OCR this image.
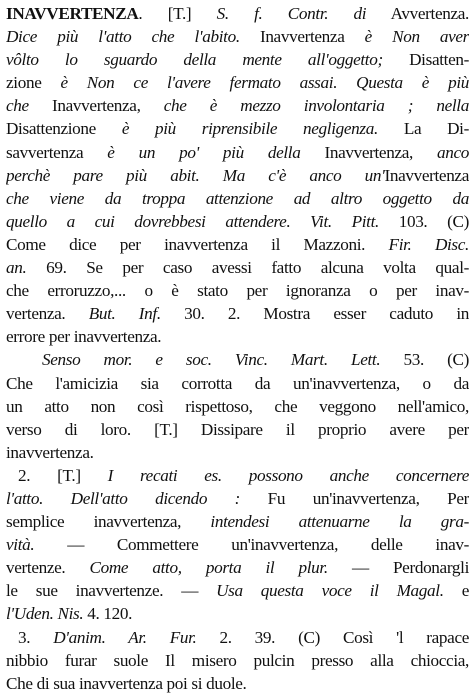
INAVVERTENZA. [T.] S. f. Contr. di Avvertenza.
Dice più l'atto che l'abito. Inavvertenza è Non aver
vôlto lo sguardo della mente all'oggetto; Disatten-
zione è Non ce l'avere fermato assai. Questa è più
che Inavvertenza, che è mezzo involontaria ; nella
Disattenzione è più riprensibile negligenza. La Di-
savvertenza è un po' più della Inavvertenza, anco
perchè pare più abit. Ma c'è anco un'Inavvertenza
che viene da troppa attenzione ad altro oggetto da
quello a cui dovrebbesi attendere. Vit. Pitt. 103. (C)
Come dice per inavvertenza il Mazzoni. Fir. Disc.
an. 69. Se per caso avessi fatto alcuna volta qual-
che erroruzzo,... o è stato per ignoranza o per inav-
vertenza. But. Inf. 30. 2. Mostra esser caduto in
errore per inavvertenza.
Senso mor. e soc. Vinc. Mart. Lett. 53. (C)
Che l'amicizia sia corrotta da un'inavvertenza, o da
un atto non così rispettoso, che veggono nell'amico,
verso di loro. [T.] Dissipare il proprio avere per
inavvertenza.
2. [T.] I recati es. possono anche concernere
l'atto. Dell'atto dicendo : Fu un'inavvertenza, Per
semplice inavvertenza, intendesi attenuarne la gra-
vità. — Commettere un'inavvertenza, delle inav-
vertenze. Come atto, porta il plur. — Perdonargli
le sue inavvertenze. — Usa questa voce il Magal. e
l'Uden. Nis. 4. 120.
3. D'anim. Ar. Fur. 2. 39. (C) Così 'l rapace
nibbio furar suole Il misero pulcin presso alla chioccia,
Che di sua inavvertenza poi si duole.
